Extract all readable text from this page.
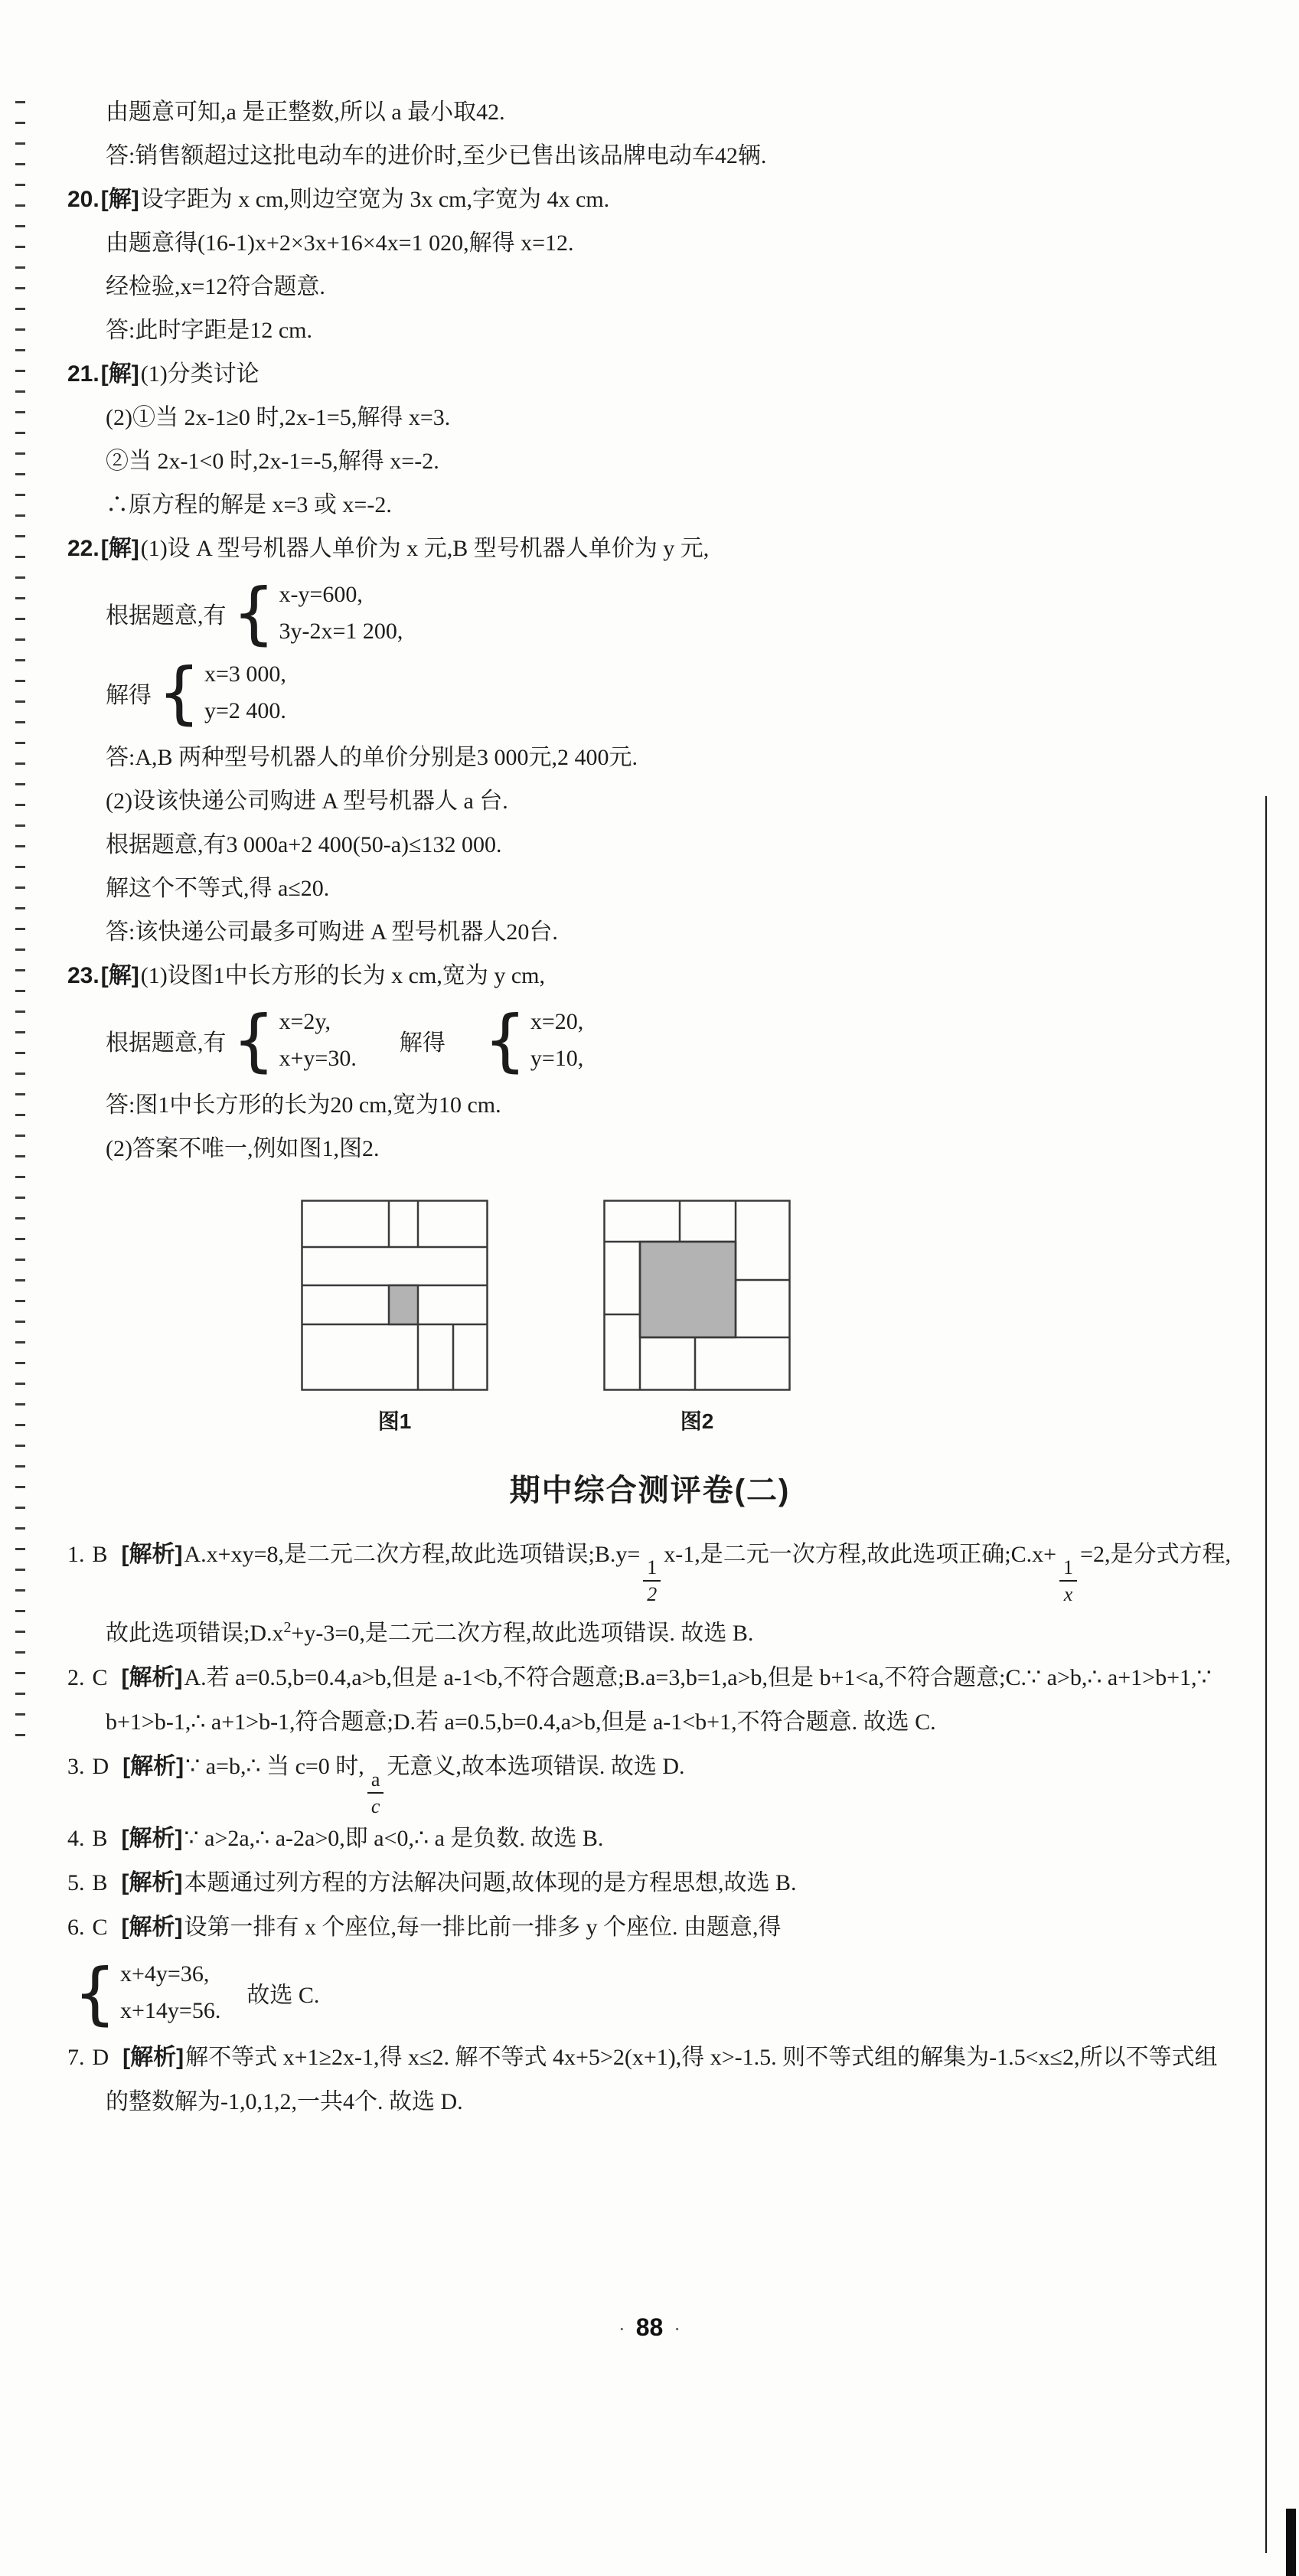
由题意可知,a 是正整数,所以 a 最小取42.
答:销售额超过这批电动车的进价时,至少已售出该品牌电动车42辆.
20.[解]设字距为 x cm,则边空宽为 3x cm,字宽为 4x cm.
由题意得(16-1)x+2×3x+16×4x=1 020,解得 x=12.
经检验,x=12符合题意.
答:此时字距是12 cm.
21.[解](1)分类讨论
(2)①当 2x-1≥0 时,2x-1=5,解得 x=3.
②当 2x-1<0 时,2x-1=-5,解得 x=-2.
∴原方程的解是 x=3 或 x=-2.
22.[解](1)设 A 型号机器人单价为 x 元,B 型号机器人单价为 y 元,
根据题意,有 { x-y=600,
3y-2x=1 200,
解得 { x=3 000,
y=2 400.
答:A,B 两种型号机器人的单价分别是3 000元,2 400元.
(2)设该快递公司购进 A 型号机器人 a 台.
根据题意,有3 000a+2 400(50-a)≤132 000.
解这个不等式,得 a≤20.
答:该快递公司最多可购进 A 型号机器人20台.
23.[解](1)设图1中长方形的长为 x cm,宽为 y cm,
根据题意,有 { x=2y,
x+y=30.
解得 { x=20,
y=10,
答:图1中长方形的长为20 cm,宽为10 cm.
(2)答案不唯一,例如图1,图2.
图1	图2
期中综合测评卷(二)
1. B [解析]A.x+xy=8,是二元二次方程,故此选项错误;B.y=
$\frac{1}{2}$
x-1,是二元一次方程,故此选项正确;C.x+
$\frac{1}{x}$
=2,是分式方程,故此选项错误$;D.x^2+y-3=0$,是二元二次方程,故此选项错误. 故选 B.
2. C [解析]A.若 a=0.5,b=0.4,a>b,但是 a-1<b,不符合题意;B.a=3,b=1,a>b,但是 b+1<a,不符合题意;C.∵ a>b,∴ a+1>b+1,∵ b+1>b-1,∴ a+1>b-1,符合题意;D.若 a=0.5,b=0.4,a>b,但是 a-1<b+1,不符合题意. 故选 C.
3. D [解析]∵ a=b,∴ 当 c=0 时,
$\frac{a}{c}$
无意义,故本选项错误. 故选 D.
4. B [解析]∵ a>2a,∴ a-2a>0,即 a<0,∴ a 是负数. 故选 B.
5. B [解析]本题通过列方程的方法解决问题,故体现的是方程思想,故选 B.
6. C [解析]设第一排有 x 个座位,每一排比前一排多 y 个座位. 由题意,得
{ x+4y=36,
x+14y=56.
故选 C.
7. D [解析]解不等式 x+1≥2x-1,得 x≤2. 解不等式 4x+5>2(x+1),得 x>-1.5. 则不等式组的解集为-1.5<x≤2,所以不等式组的整数解为-1,0,1,2,一共4个. 故选 D.
· 88 ·
